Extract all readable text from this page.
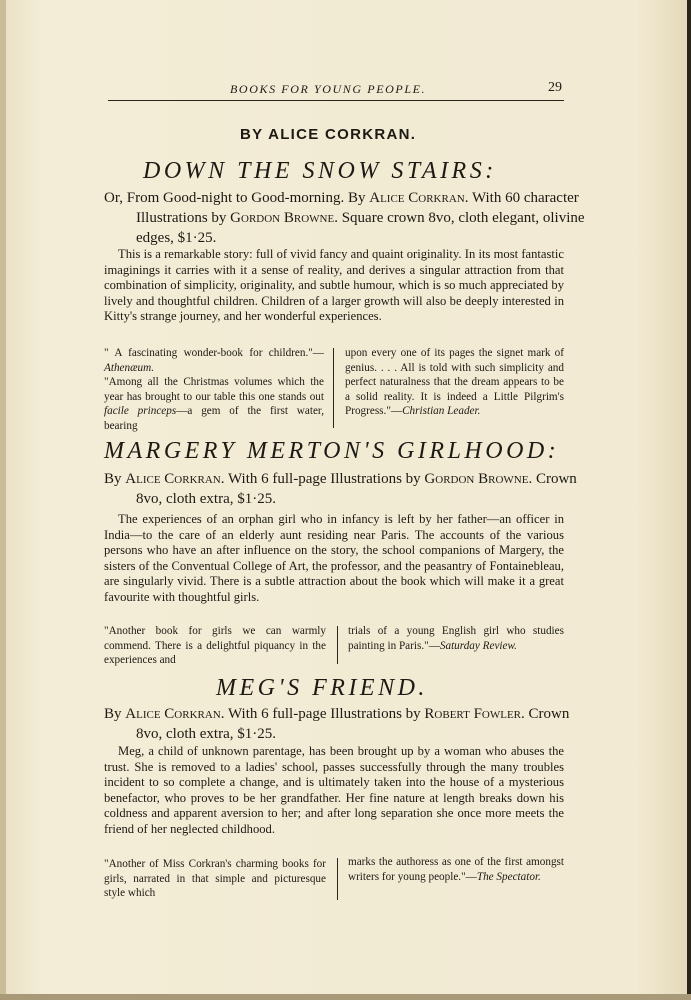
BOOKS FOR YOUNG PEOPLE.	29
BY ALICE CORKRAN.
DOWN THE SNOW STAIRS:
Or, From Good-night to Good-morning. By Alice Corkran. With 60 character Illustrations by Gordon Browne. Square crown 8vo, cloth elegant, olivine edges, $1·25.
This is a remarkable story: full of vivid fancy and quaint originality. In its most fantastic imaginings it carries with it a sense of reality, and derives a singular attraction from that combination of simplicity, originality, and subtle humour, which is so much appreciated by lively and thoughtful children. Children of a larger growth will also be deeply interested in Kitty's strange journey, and her wonderful experiences.
" A fascinating wonder-book for children."—Athenæum.
"Among all the Christmas volumes which the year has brought to our table this one stands out facile princeps—a gem of the first water, bearing
upon every one of its pages the signet mark of genius. . . . All is told with such simplicity and perfect naturalness that the dream appears to be a solid reality. It is indeed a Little Pilgrim's Progress."—Christian Leader.
MARGERY MERTON'S GIRLHOOD:
By Alice Corkran. With 6 full-page Illustrations by Gordon Browne. Crown 8vo, cloth extra, $1·25.
The experiences of an orphan girl who in infancy is left by her father—an officer in India—to the care of an elderly aunt residing near Paris. The accounts of the various persons who have an after influence on the story, the school companions of Margery, the sisters of the Conventual College of Art, the professor, and the peasantry of Fontainebleau, are singularly vivid. There is a subtle attraction about the book which will make it a great favourite with thoughtful girls.
"Another book for girls we can warmly commend. There is a delightful piquancy in the experiences and
trials of a young English girl who studies painting in Paris."—Saturday Review.
MEG'S FRIEND.
By Alice Corkran. With 6 full-page Illustrations by Robert Fowler. Crown 8vo, cloth extra, $1·25.
Meg, a child of unknown parentage, has been brought up by a woman who abuses the trust. She is removed to a ladies' school, passes successfully through the many troubles incident to so complete a change, and is ultimately taken into the house of a mysterious benefactor, who proves to be her grandfather. Her fine nature at length breaks down his coldness and apparent aversion to her; and after long separation she once more meets the friend of her neglected childhood.
"Another of Miss Corkran's charming books for girls, narrated in that simple and picturesque style which
marks the authoress as one of the first amongst writers for young people."—The Spectator.
